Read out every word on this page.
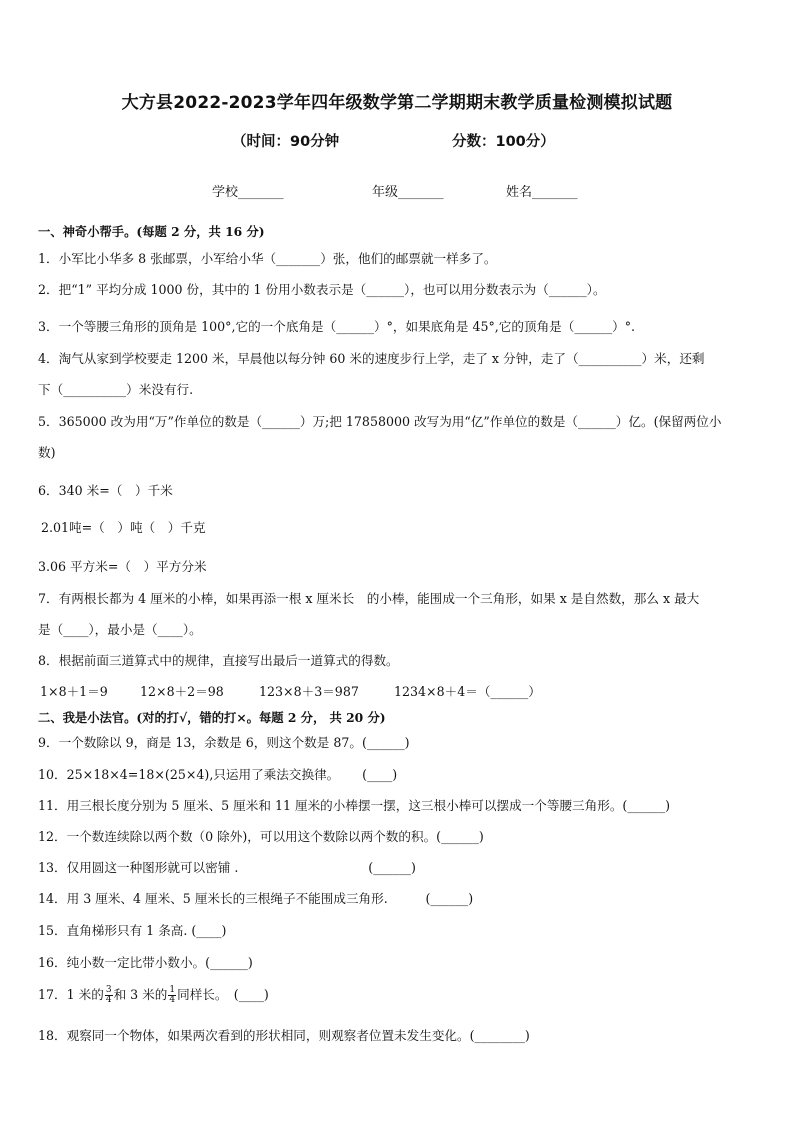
大方县2022-2023学年四年级数学第二学期期末教学质量检测模拟试题
（时间：90分钟	分数：100分）
学校_______	年级_______	姓名_______
一、神奇小帮手。(每题 2 分，共 16 分)
1．小军比小华多 8 张邮票，小军给小华（_______）张，他们的邮票就一样多了。
2．把“1” 平均分成 1000 份，其中的 1 份用小数表示是（______），也可以用分数表示为（______）。
3．一个等腰三角形的顶角是 100°,它的一个底角是（______）°，如果底角是 45°,它的顶角是（______）°.
4．淘气从家到学校要走 1200 米，早晨他以每分钟 60 米的速度步行上学，走了 x 分钟，走了（__________）米，还剩
下（__________）米没有行.
5．365000 改为用“万”作单位的数是（______）万;把 17858000 改写为用“亿”作单位的数是（______）亿。(保留两位小
数)
6．340 米=（　）千米
2.01吨=（　）吨（　）千克
3.06 平方米=（　）平方分米
7．有两根长都为 4 厘米的小棒，如果再添一根 x 厘米长　的小棒，能围成一个三角形，如果 x 是自然数，那么 x 最大
是（____），最小是（____）。
8．根据前面三道算式中的规律，直接写出最后一道算式的得数。
1×8＋1＝9	12×8＋2＝98	123×8＋3＝987	1234×8＋4＝（______）
二、我是小法官。(对的打√，错的打×。每题 2 分， 共 20 分)
9．一个数除以 9，商是 13，余数是 6，则这个数是 87。(______)
10．25×18×4=18×(25×4),只运用了乘法交换律。　　 (____)
11．用三根长度分别为 5 厘米、5 厘米和 11 厘米的小棒摆一摆，这三根小棒可以摆成一个等腰三角形。(______)
12．一个数连续除以两个数（0 除外)，可以用这个数除以两个数的积。(______)
13．仅用圆这一种图形就可以密铺 .　　　　　　　　　　 (______)
14．用 3 厘米、4 厘米、5 厘米长的三根绳子不能围成三角形.　　　(______)
15．直角梯形只有 1 条高. (____)
16．纯小数一定比带小数小。(______)
17．1 米的 $\frac{3}{4}$ 和 3 米的 $\frac{1}{4}$ 同样长。　(____)
18．观察同一个物体，如果两次看到的形状相同，则观察者位置未发生变化。(________)
